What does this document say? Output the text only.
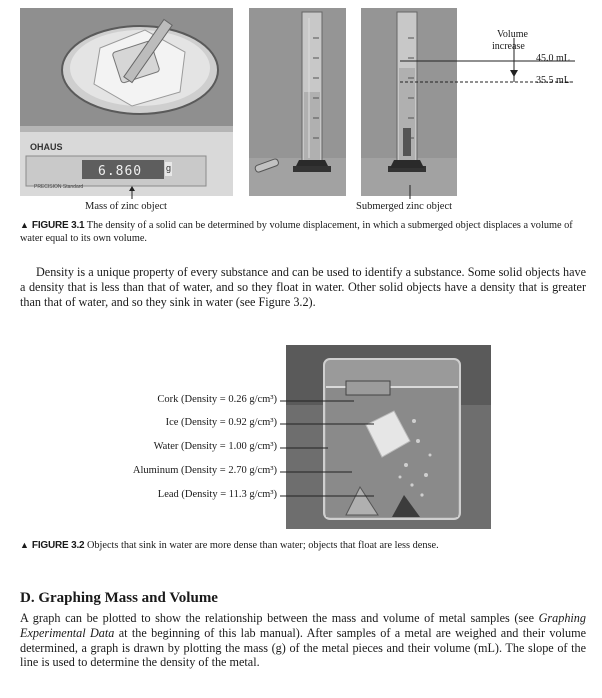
OHAUS
6.860	g
PRECISION Standard
Volume
increase
45.0 mL
35.5 mL
Mass of zinc object	Submerged zinc object
▲ FIGURE 3.1 The density of a solid can be determined by volume displacement, in which a submerged object displaces a volume of water equal to its own volume.
Density is a unique property of every substance and can be used to identify a substance. Some solid objects have a density that is less than that of water, and so they float in water. Other solid objects have a density that is greater than that of water, and so they sink in water (see Figure 3.2).
Cork (Density = 0.26 g/cm³)
Ice (Density = 0.92 g/cm³)
Water (Density = 1.00 g/cm³)
Aluminum (Density = 2.70 g/cm³)
Lead (Density = 11.3 g/cm³)
▲ FIGURE 3.2 Objects that sink in water are more dense than water; objects that float are less dense.
D. Graphing Mass and Volume
A graph can be plotted to show the relationship between the mass and volume of metal samples (see Graphing Experimental Data at the beginning of this lab manual). After samples of a metal are weighed and their volume determined, a graph is drawn by plotting the mass (g) of the metal pieces and their volume (mL). The slope of the line is used to determine the density of the metal.
